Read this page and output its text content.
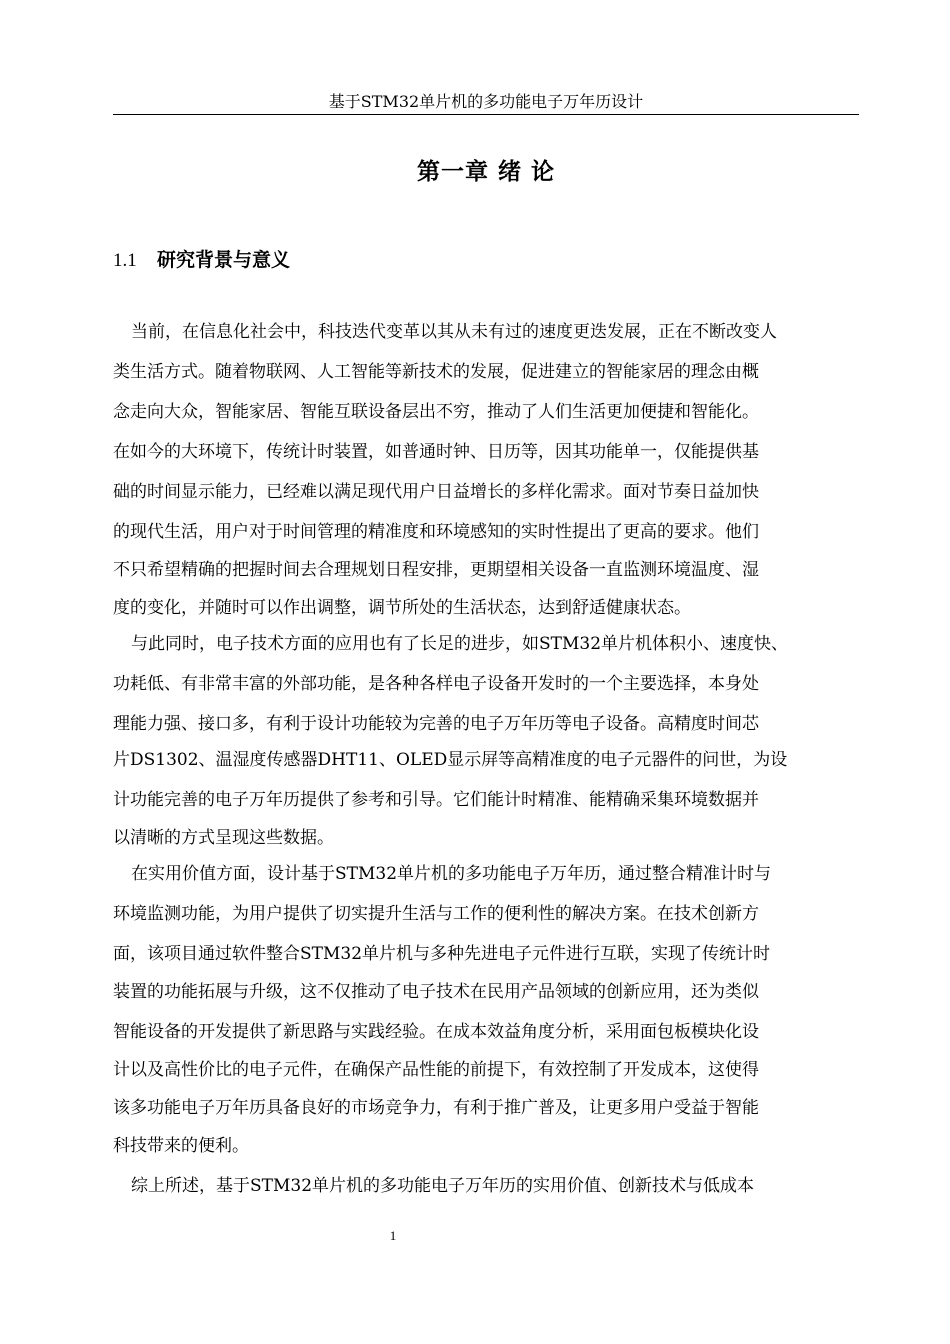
基于STM32单片机的多功能电子万年历设计
第一章 绪 论
1.1 研究背景与意义
当前，在信息化社会中，科技迭代变革以其从未有过的速度更迭发展，正在不断改变人
类生活方式。随着物联网、人工智能等新技术的发展，促进建立的智能家居的理念由概
念走向大众，智能家居、智能互联设备层出不穷，推动了人们生活更加便捷和智能化。
在如今的大环境下，传统计时装置，如普通时钟、日历等，因其功能单一，仅能提供基
础的时间显示能力，已经难以满足现代用户日益增长的多样化需求。面对节奏日益加快
的现代生活，用户对于时间管理的精准度和环境感知的实时性提出了更高的要求。他们
不只希望精确的把握时间去合理规划日程安排，更期望相关设备一直监测环境温度、湿
度的变化，并随时可以作出调整，调节所处的生活状态，达到舒适健康状态。
与此同时，电子技术方面的应用也有了长足的进步，如STM32单片机体积小、速度快、
功耗低、有非常丰富的外部功能，是各种各样电子设备开发时的一个主要选择，本身处
理能力强、接口多，有利于设计功能较为完善的电子万年历等电子设备。高精度时间芯
片DS1302、温湿度传感器DHT11、OLED显示屏等高精准度的电子元器件的问世，为设
计功能完善的电子万年历提供了参考和引导。它们能计时精准、能精确采集环境数据并
以清晰的方式呈现这些数据。
在实用价值方面，设计基于STM32单片机的多功能电子万年历，通过整合精准计时与
环境监测功能，为用户提供了切实提升生活与工作的便利性的解决方案。在技术创新方
面，该项目通过软件整合STM32单片机与多种先进电子元件进行互联，实现了传统计时
装置的功能拓展与升级，这不仅推动了电子技术在民用产品领域的创新应用，还为类似
智能设备的开发提供了新思路与实践经验。在成本效益角度分析，采用面包板模块化设
计以及高性价比的电子元件，在确保产品性能的前提下，有效控制了开发成本，这使得
该多功能电子万年历具备良好的市场竞争力，有利于推广普及，让更多用户受益于智能
科技带来的便利。
综上所述，基于STM32单片机的多功能电子万年历的实用价值、创新技术与低成本
1
